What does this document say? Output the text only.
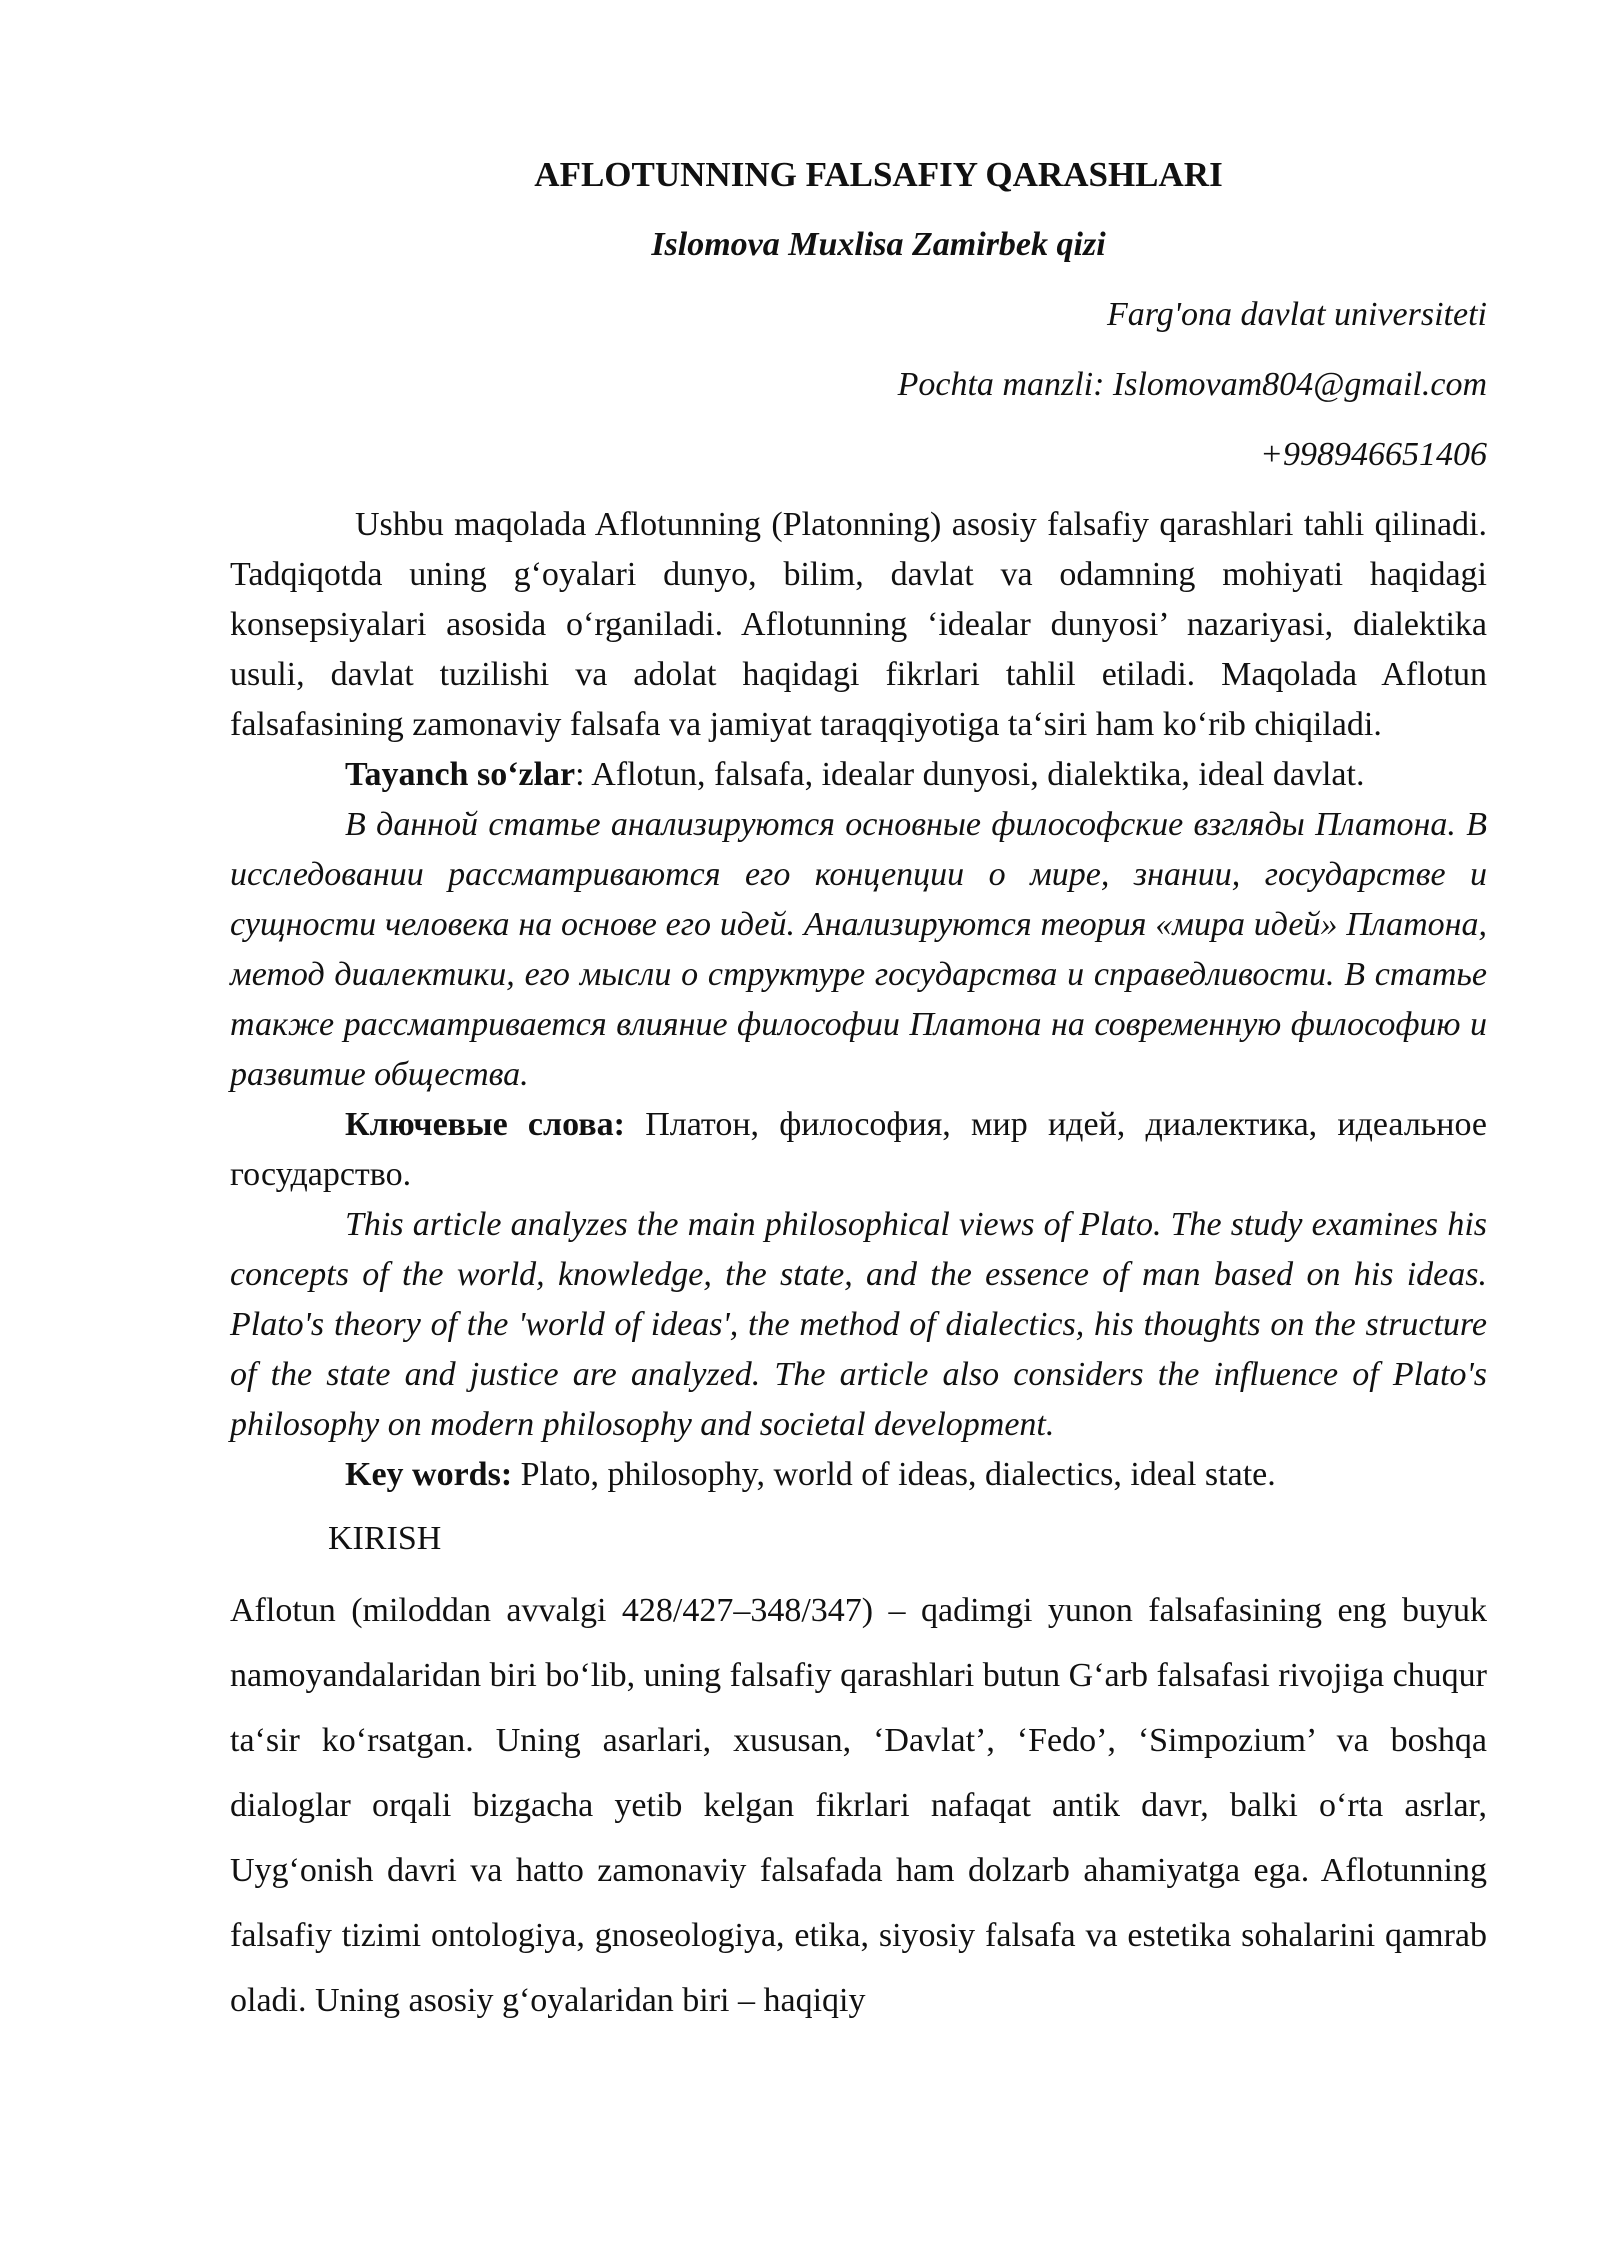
AFLOTUNNING FALSAFIY QARASHLARI
Islomova Muxlisa Zamirbek qizi
Farg'ona davlat universiteti
Pochta manzli: Islomovam804@gmail.com
+998946651406

Ushbu maqolada Aflotunning (Platonning) asosiy falsafiy qarashlari tahli qilinadi. Tadqiqotda uning g‘oyalari dunyo, bilim, davlat va odamning mohiyati haqidagi konsepsiyalari asosida o‘rganiladi. Aflotunning ‘idealar dunyosi’ nazariyasi, dialektika usuli, davlat tuzilishi va adolat haqidagi fikrlari tahlil etiladi. Maqolada Aflotun falsafasining zamonaviy falsafa va jamiyat taraqqiyotiga ta‘siri ham ko‘rib chiqiladi.

Tayanch so‘zlar: Aflotun, falsafa, idealar dunyosi, dialektika, ideal davlat.

В данной статье анализируются основные философские взгляды Платона. В исследовании рассматриваются его концепции о мире, знании, государстве и сущности человека на основе его идей. Анализируются теория «мира идей» Платона, метод диалектики, его мысли о структуре государства и справедливости. В статье также рассматривается влияние философии Платона на современную философию и развитие общества.

Ключевые слова: Платон, философия, мир идей, диалектика, идеальное государство.

This article analyzes the main philosophical views of Plato. The study examines his concepts of the world, knowledge, the state, and the essence of man based on his ideas. Plato's theory of the 'world of ideas', the method of dialectics, his thoughts on the structure of the state and justice are analyzed. The article also considers the influence of Plato's philosophy on modern philosophy and societal development.

Key words: Plato, philosophy, world of ideas, dialectics, ideal state.

KIRISH

Aflotun (miloddan avvalgi 428/427–348/347) – qadimgi yunon falsafasining eng buyuk namoyandalaridan biri bo‘lib, uning falsafiy qarashlari butun G‘arb falsafasi rivojiga chuqur ta‘sir ko‘rsatgan. Uning asarlari, xususan, ‘Davlat’, ‘Fedo’, ‘Simpozium’ va boshqa dialoglar orqali bizgacha yetib kelgan fikrlari nafaqat antik davr, balki o‘rta asrlar, Uyg‘onish davri va hatto zamonaviy falsafada ham dolzarb ahamiyatga ega. Aflotunning falsafiy tizimi ontologiya, gnoseologiya, etika, siyosiy falsafa va estetika sohalarini qamrab oladi. Uning asosiy g‘oyalaridan biri – haqiqiy
